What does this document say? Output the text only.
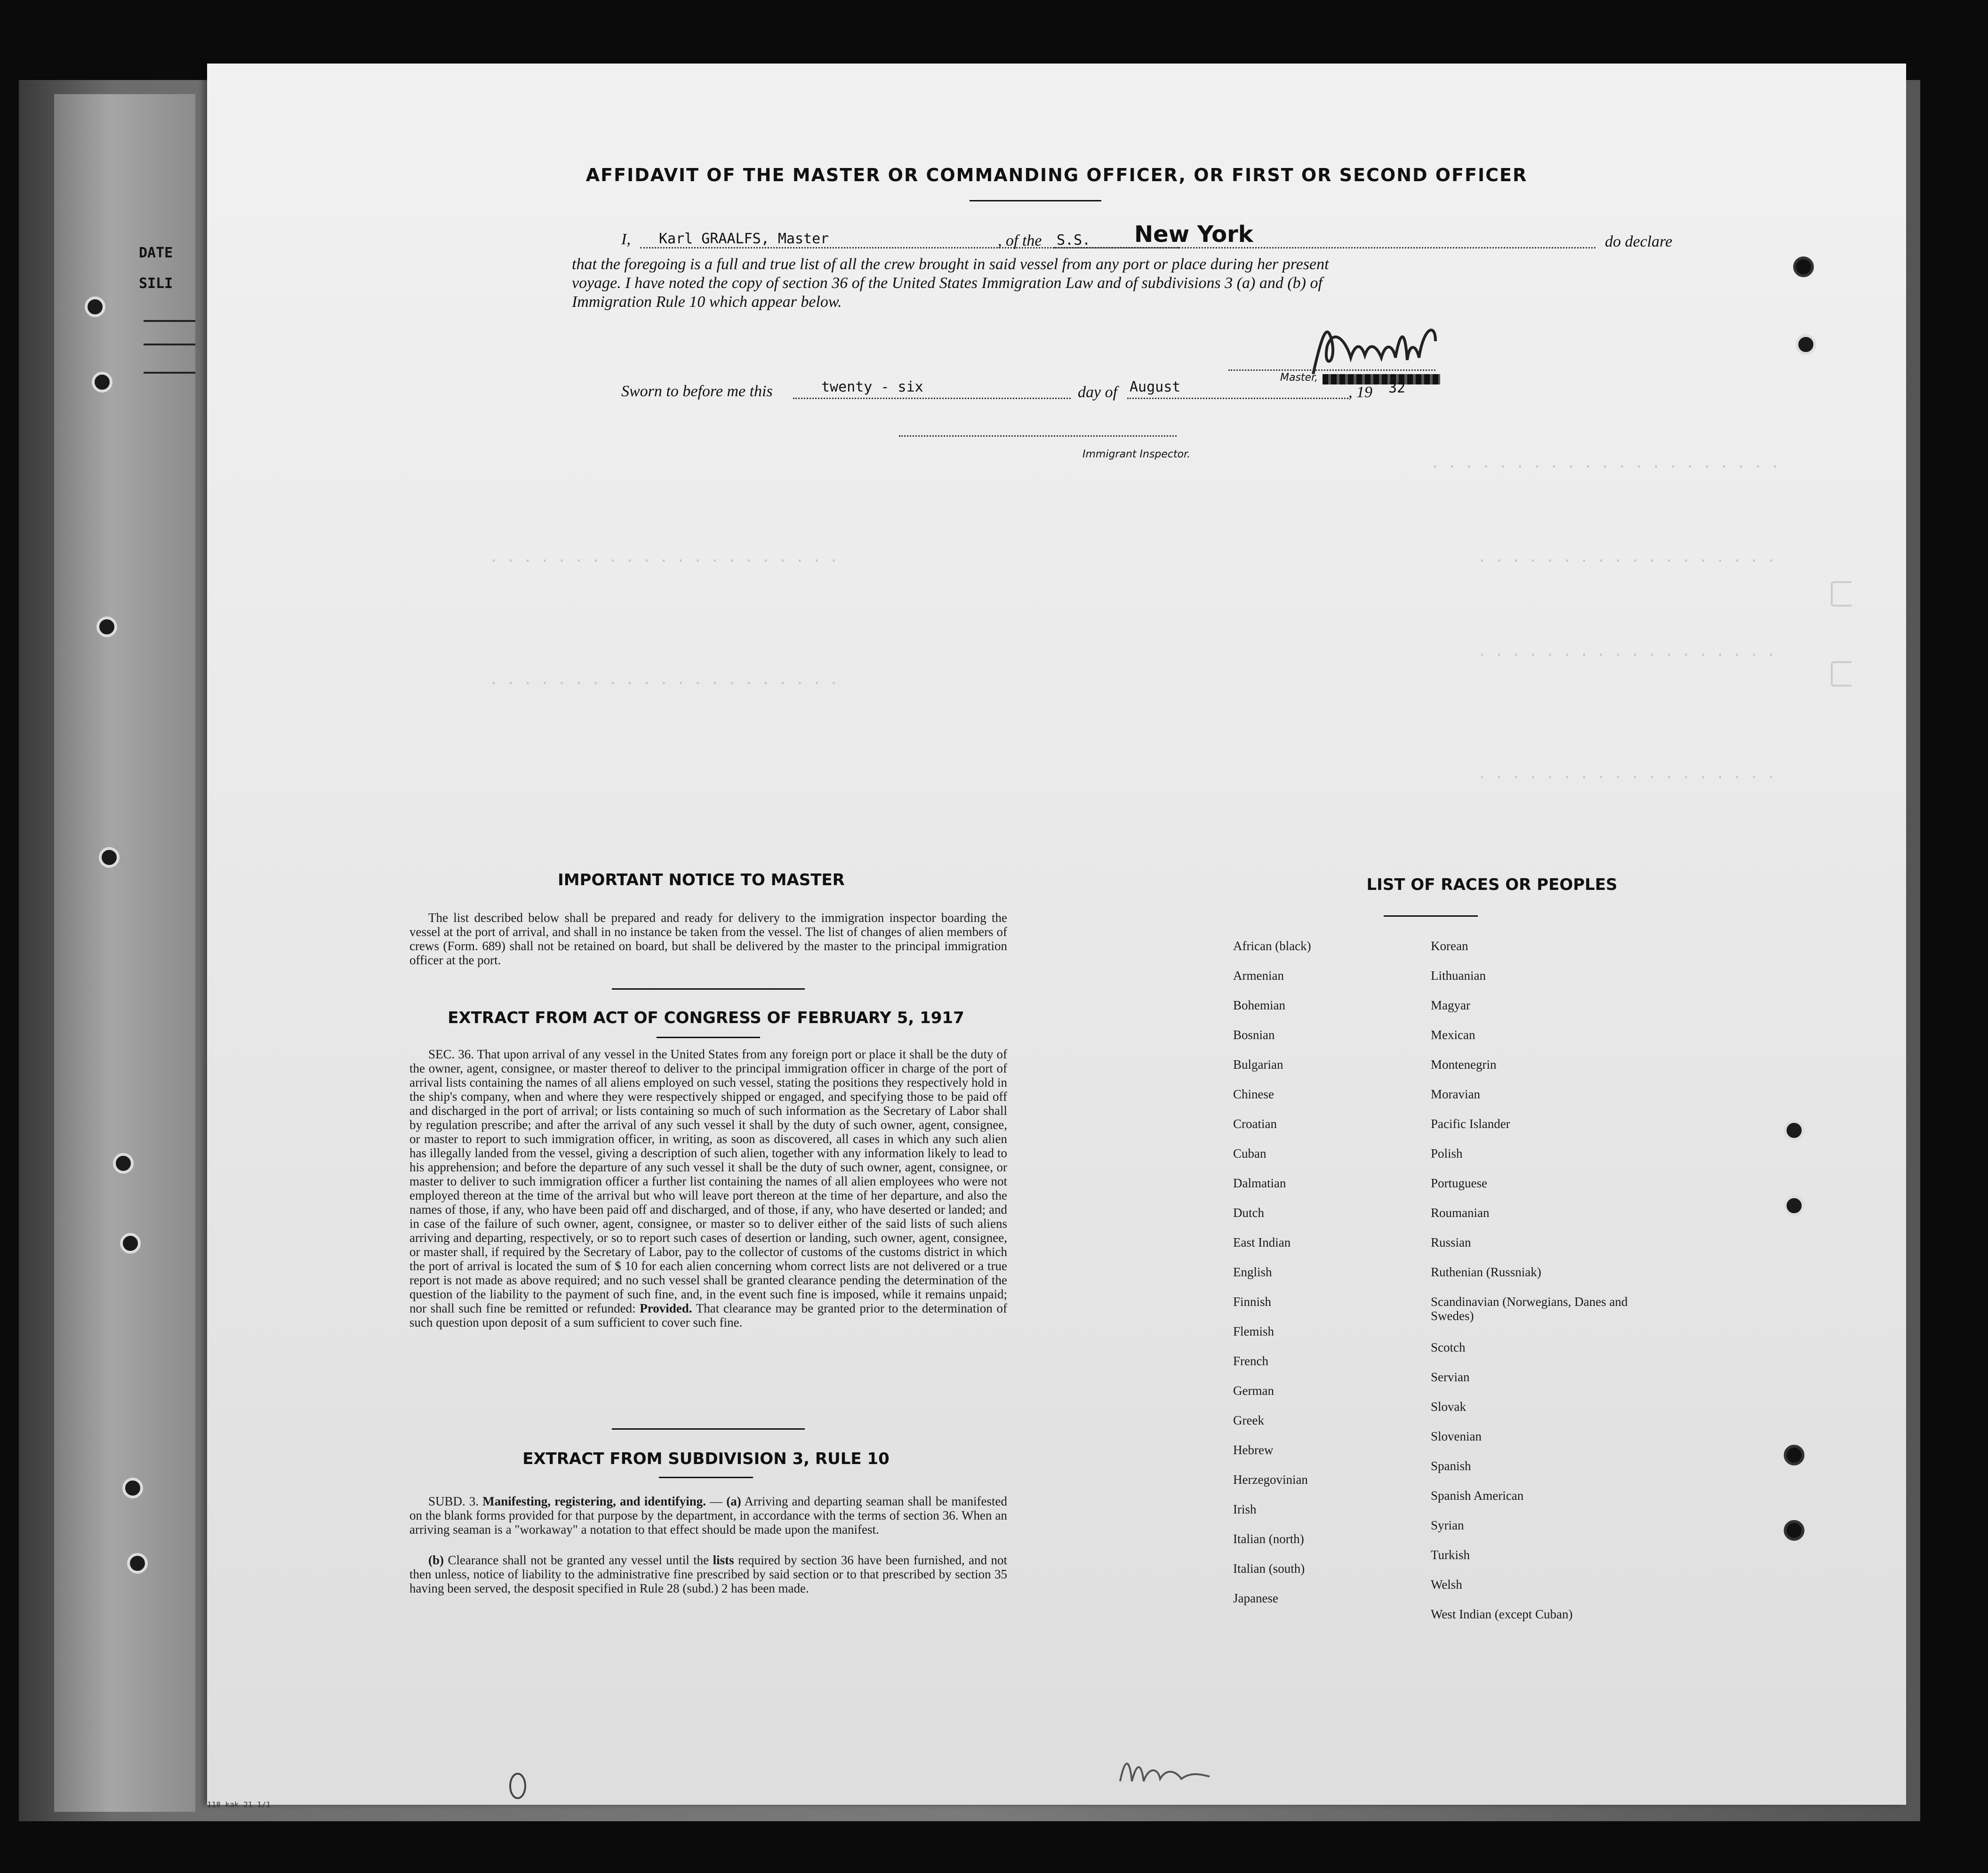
DATE
SILI
· · · · · · · · · · · · · · · · · · · · ·
· · · · · · · · · · · · · · · · · ·
· · · · · · · · · · · · · · · · · ·
· · · · · · · · · · · · · · · · · ·
· · · · · · · · · · · · · · · · · · · · ·
· · · · · · · · · · · · · · · · · · · · ·
AFFIDAVIT OF THE MASTER OR COMMANDING OFFICER, OR FIRST OR SECOND OFFICER
I, Karl GRAALFS, Master	, of the S.S. New York	do declare
that the foregoing is a full and true list of all the crew brought in said vessel from any port or place during her present
voyage. I have noted the copy of section 36 of the United States Immigration Law and of subdivisions 3 (a) and (b) of
Immigration Rule 10 which appear below.
Master,
Sworn to before me this	twenty - six	day of August	, 19 32
Immigrant Inspector.
IMPORTANT NOTICE TO MASTER
The list described below shall be prepared and ready for delivery to the immigration inspector boarding the vessel at the port of arrival, and shall in no instance be taken from the vessel. The list of changes of alien members of crews (Form. 689) shall not be retained on board, but shall be delivered by the master to the principal immigration officer at the port.
EXTRACT FROM ACT OF CONGRESS OF FEBRUARY 5, 1917
SEC. 36. That upon arrival of any vessel in the United States from any foreign port or place it shall be the duty of the owner, agent, consignee, or master thereof to deliver to the principal immigration officer in charge of the port of arrival lists containing the names of all aliens employed on such vessel, stating the positions they respectively hold in the ship's company, when and where they were respectively shipped or engaged, and specifying those to be paid off and discharged in the port of arrival; or lists containing so much of such information as the Secretary of Labor shall by regulation prescribe; and after the arrival of any such vessel it shall by the duty of such owner, agent, consignee, or master to report to such immigration officer, in writing, as soon as discovered, all cases in which any such alien has illegally landed from the vessel, giving a description of such alien, together with any information likely to lead to his apprehension; and before the departure of any such vessel it shall be the duty of such owner, agent, consignee, or master to deliver to such immigration officer a further list containing the names of all alien employees who were not employed thereon at the time of the arrival but who will leave port thereon at the time of her departure, and also the names of those, if any, who have been paid off and discharged, and of those, if any, who have deserted or landed; and in case of the failure of such owner, agent, consignee, or master so to deliver either of the said lists of such aliens arriving and departing, respectively, or so to report such cases of desertion or landing, such owner, agent, consignee, or master shall, if required by the Secretary of Labor, pay to the collector of customs of the customs district in which the port of arrival is located the sum of $ 10 for each alien concerning whom correct lists are not delivered or a true report is not made as above required; and no such vessel shall be granted clearance pending the determination of the question of the liability to the payment of such fine, and, in the event such fine is imposed, while it remains unpaid; nor shall such fine be remitted or refunded: Provided. That clearance may be granted prior to the determination of such question upon deposit of a sum sufficient to cover such fine.
EXTRACT FROM SUBDIVISION 3, RULE 10
SUBD. 3. Manifesting, registering, and identifying. — (a) Arriving and departing seaman shall be manifested on the blank forms provided for that purpose by the department, in accordance with the terms of section 36. When an arriving seaman is a "workaway" a notation to that effect should be made upon the manifest.
(b) Clearance shall not be granted any vessel until the lists required by section 36 have been furnished, and not then unless, notice of liability to the administrative fine prescribed by said section or to that prescribed by section 35 having been served, the desposit specified in Rule 28 (subd.) 2 has been made.
LIST OF RACES OR PEOPLES
African (black)
Armenian
Bohemian
Bosnian
Bulgarian
Chinese
Croatian
Cuban
Dalmatian
Dutch
East Indian
English
Finnish
Flemish
French
German
Greek
Hebrew
Herzegovinian
Irish
Italian (north)
Italian (south)
Japanese
Korean
Lithuanian
Magyar
Mexican
Montenegrin
Moravian
Pacific Islander
Polish
Portuguese
Roumanian
Russian
Ruthenian (Russniak)
Scandinavian (Norwegians, Danes and Swedes)
Scotch
Servian
Slovak
Slovenian
Spanish
Spanish American
Syrian
Turkish
Welsh
West Indian (except Cuban)
118 kak 21 1/1
